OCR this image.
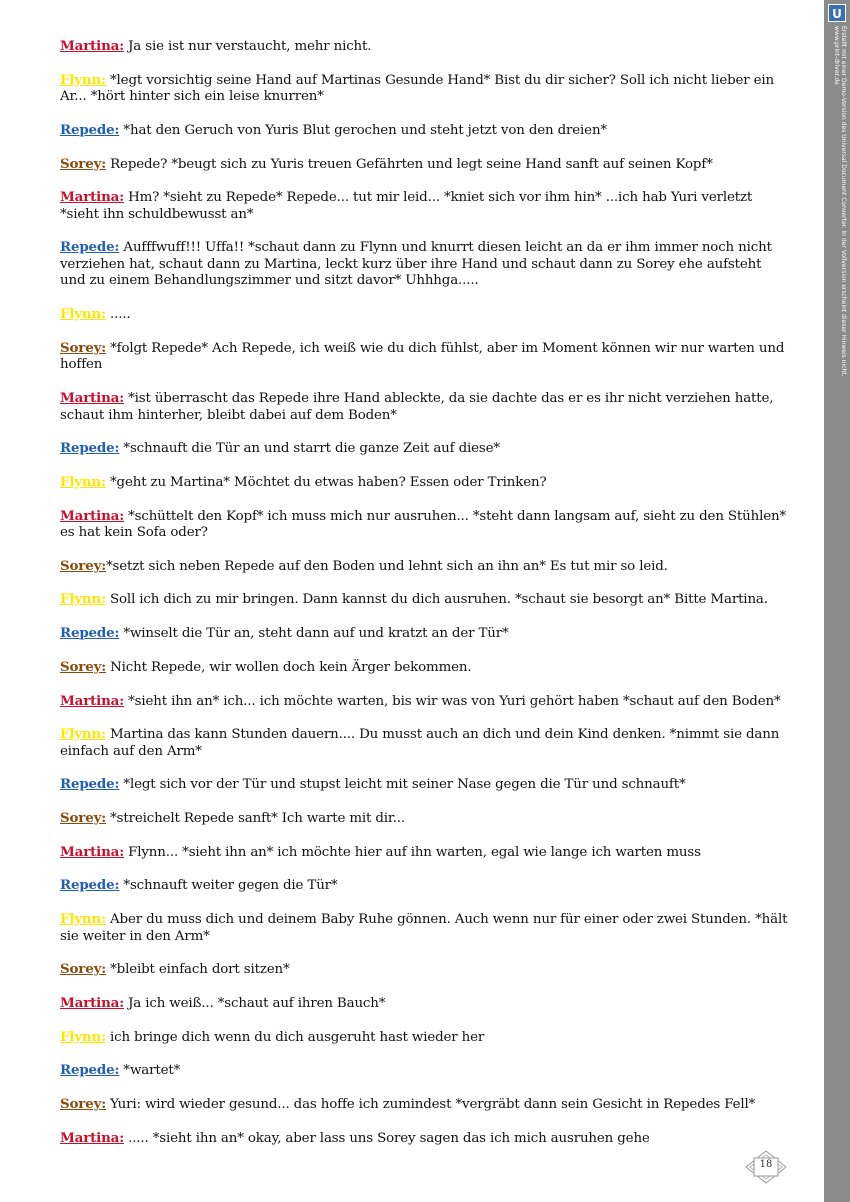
Martina: Ja sie ist nur verstaucht, mehr nicht.

Flynn: *legt vorsichtig seine Hand auf Martinas Gesunde Hand* Bist du dir sicher? Soll ich nicht lieber ein Ar... *hört hinter sich ein leise knurren*

Repede: *hat den Geruch von Yuris Blut gerochen und steht jetzt von den dreien*

Sorey: Repede? *beugt sich zu Yuris treuen Gefährten und legt seine Hand sanft auf seinen Kopf*

Martina: Hm? *sieht zu Repede* Repede... tut mir leid... *kniet sich vor ihm hin* ...ich hab Yuri verletzt *sieht ihn schuldbewusst an*

Repede: Aufffwuff!!! Uffa!! *schaut dann zu Flynn und knurrt diesen leicht an da er ihm immer noch nicht verziehen hat, schaut dann zu Martina, leckt kurz über ihre Hand und schaut dann zu Sorey ehe aufsteht und zu einem Behandlungszimmer und sitzt davor* Uhhhga.....

Flynn: .....

Sorey: *folgt Repede* Ach Repede, ich weiß wie du dich fühlst, aber im Moment können wir nur warten und hoffen

Martina: *ist überrascht das Repede ihre Hand ableckte, da sie dachte das er es ihr nicht verziehen hatte, schaut ihm hinterher, bleibt dabei auf dem Boden*

Repede: *schnauft die Tür an und starrt die ganze Zeit auf diese*

Flynn: *geht zu Martina* Möchtet du etwas haben? Essen oder Trinken?

Martina: *schüttelt den Kopf* ich muss mich nur ausruhen... *steht dann langsam auf, sieht zu den Stühlen* es hat kein Sofa oder?

Sorey:*setzt sich neben Repede auf den Boden und lehnt sich an ihn an* Es tut mir so leid.

Flynn: Soll ich dich zu mir bringen. Dann kannst du dich ausruhen. *schaut sie besorgt an* Bitte Martina.

Repede: *winselt die Tür an, steht dann auf und kratzt an der Tür*

Sorey: Nicht Repede, wir wollen doch kein Ärger bekommen.

Martina: *sieht ihn an* ich... ich möchte warten, bis wir was von Yuri gehört haben *schaut auf den Boden*

Flynn: Martina das kann Stunden dauern.... Du musst auch an dich und dein Kind denken. *nimmt sie dann einfach auf den Arm*

Repede: *legt sich vor der Tür und stupst leicht mit seiner Nase gegen die Tür und schnauft*

Sorey: *streichelt Repede sanft* Ich warte mit dir...

Martina: Flynn... *sieht ihn an* ich möchte hier auf ihn warten, egal wie lange ich warten muss

Repede: *schnauft weiter gegen die Tür*

Flynn: Aber du muss dich und deinem Baby Ruhe gönnen. Auch wenn nur für einer oder zwei Stunden. *hält sie weiter in den Arm*

Sorey: *bleibt einfach dort sitzen*

Martina: Ja ich weiß... *schaut auf ihren Bauch*

Flynn: ich bringe dich wenn du dich ausgeruht hast wieder her

Repede: *wartet*

Sorey: Yuri: wird wieder gesund... das hoffe ich zumindest *vergräbt dann sein Gesicht in Repedes Fell*

Martina: ..... *sieht ihn an* okay, aber lass uns Sorey sagen das ich mich ausruhen gehe

U
Erstellt mit einer Demo-Version des Universal Document Converter. In der Vollversion erscheint dieser Hinweis nicht.
www.print-driver.de
18
